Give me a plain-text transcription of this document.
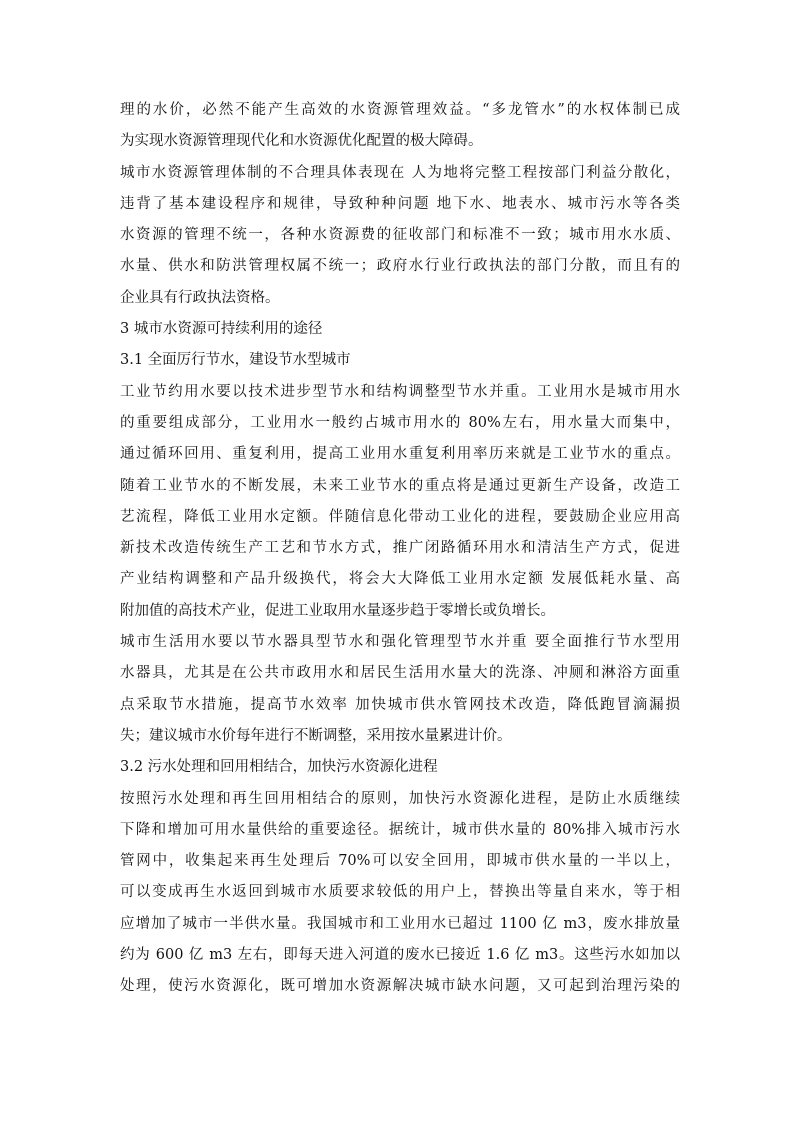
理的水价，必然不能产生高效的水资源管理效益。“多龙管水”的水权体制已成
为实现水资源管理现代化和水资源优化配置的极大障碍。
城市水资源管理体制的不合理具体表现在 人为地将完整工程按部门利益分散化，
违背了基本建设程序和规律，导致种种问题 地下水、地表水、城市污水等各类
水资源的管理不统一，各种水资源费的征收部门和标准不一致；城市用水水质、
水量、供水和防洪管理权属不统一；政府水行业行政执法的部门分散，而且有的
企业具有行政执法资格。
3 城市水资源可持续利用的途径
3.1 全面厉行节水，建设节水型城市
工业节约用水要以技术进步型节水和结构调整型节水并重。工业用水是城市用水
的重要组成部分，工业用水一般约占城市用水的 80%左右，用水量大而集中，
通过循环回用、重复利用，提高工业用水重复利用率历来就是工业节水的重点。
随着工业节水的不断发展，未来工业节水的重点将是通过更新生产设备，改造工
艺流程，降低工业用水定额。伴随信息化带动工业化的进程，要鼓励企业应用高
新技术改造传统生产工艺和节水方式，推广闭路循环用水和清洁生产方式，促进
产业结构调整和产品升级换代，将会大大降低工业用水定额 发展低耗水量、高
附加值的高技术产业，促进工业取用水量逐步趋于零增长或负增长。
城市生活用水要以节水器具型节水和强化管理型节水并重 要全面推行节水型用
水器具，尤其是在公共市政用水和居民生活用水量大的洗涤、冲厕和淋浴方面重
点采取节水措施，提高节水效率 加快城市供水管网技术改造，降低跑冒滴漏损
失；建议城市水价每年进行不断调整，采用按水量累进计价。
3.2 污水处理和回用相结合，加快污水资源化进程
按照污水处理和再生回用相结合的原则，加快污水资源化进程，是防止水质继续
下降和增加可用水量供给的重要途径。据统计，城市供水量的 80%排入城市污水
管网中，收集起来再生处理后 70%可以安全回用，即城市供水量的一半以上，
可以变成再生水返回到城市水质要求较低的用户上，替换出等量自来水，等于相
应增加了城市一半供水量。我国城市和工业用水已超过 1100 亿 m3，废水排放量
约为 600 亿 m3 左右，即每天进入河道的废水已接近 1.6 亿 m3。这些污水如加以
处理，使污水资源化，既可增加水资源解决城市缺水问题，又可起到治理污染的
